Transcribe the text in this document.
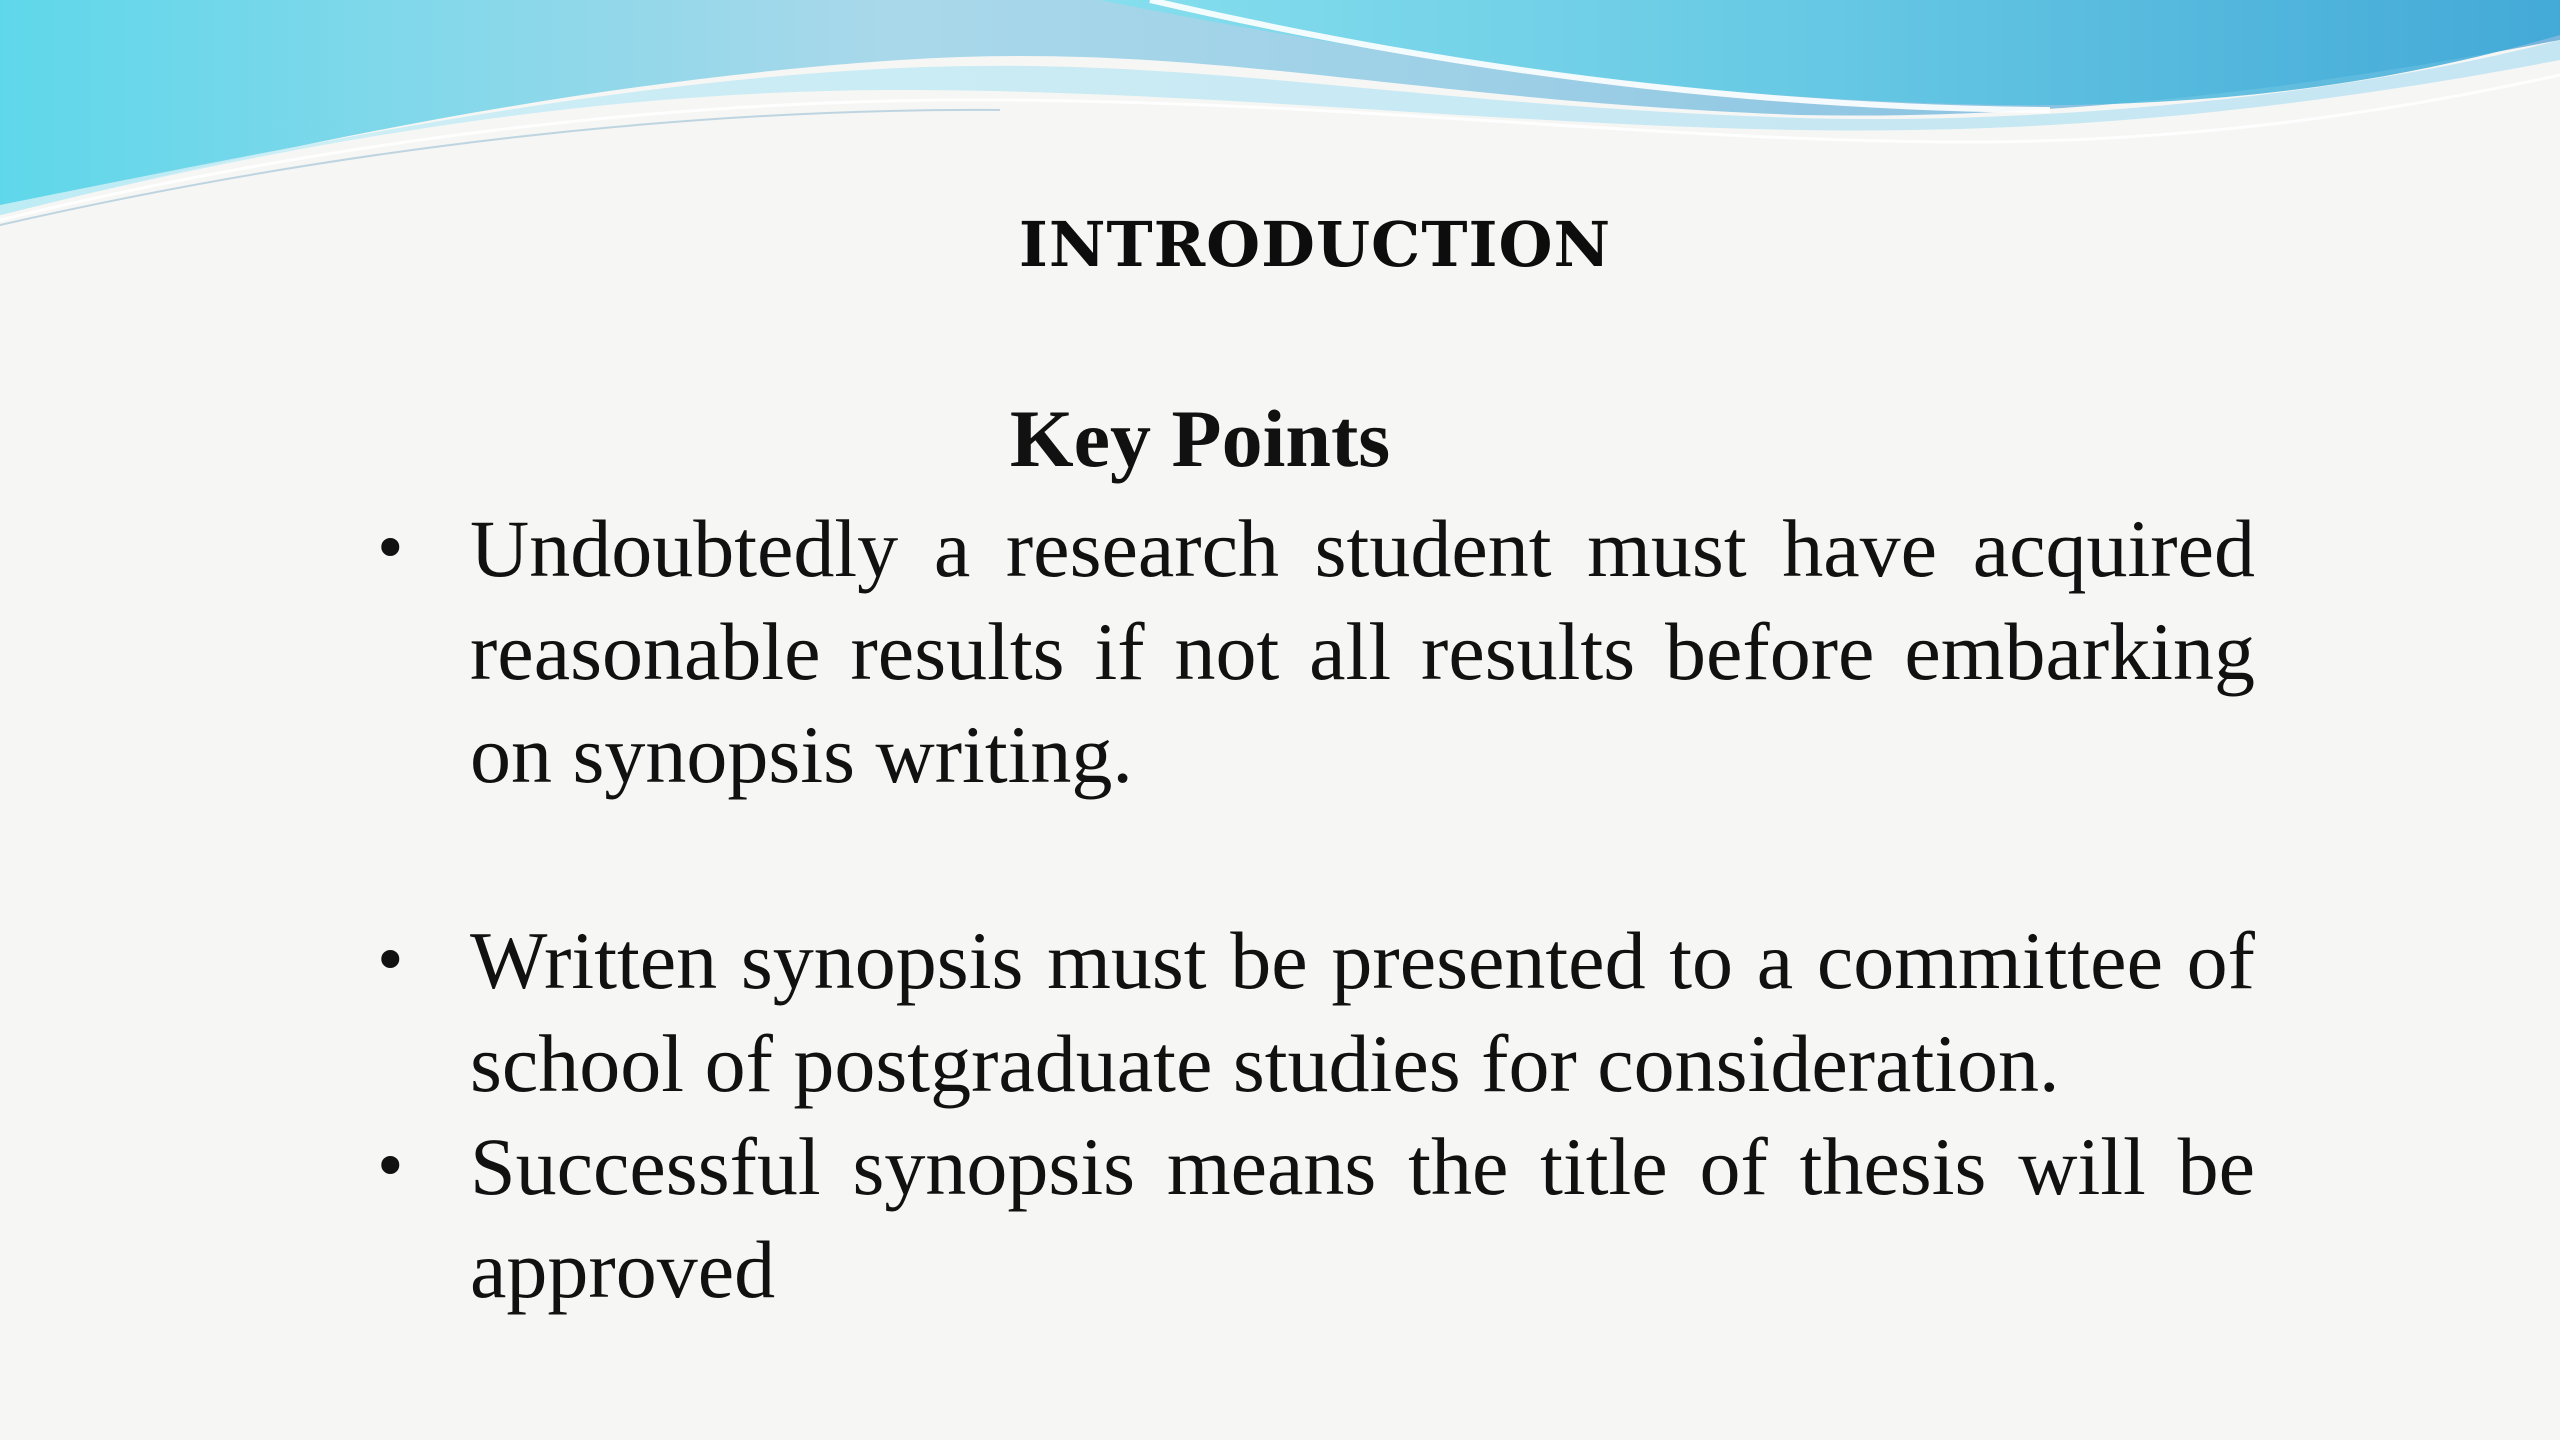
INTRODUCTION
Key Points
• Undoubtedly a research student must have acquired reasonable results if not all results before embarking on synopsis writing.
• Written synopsis must be presented to a committee of school of postgraduate studies for consideration.
• Successful synopsis means the title of thesis will be approved
